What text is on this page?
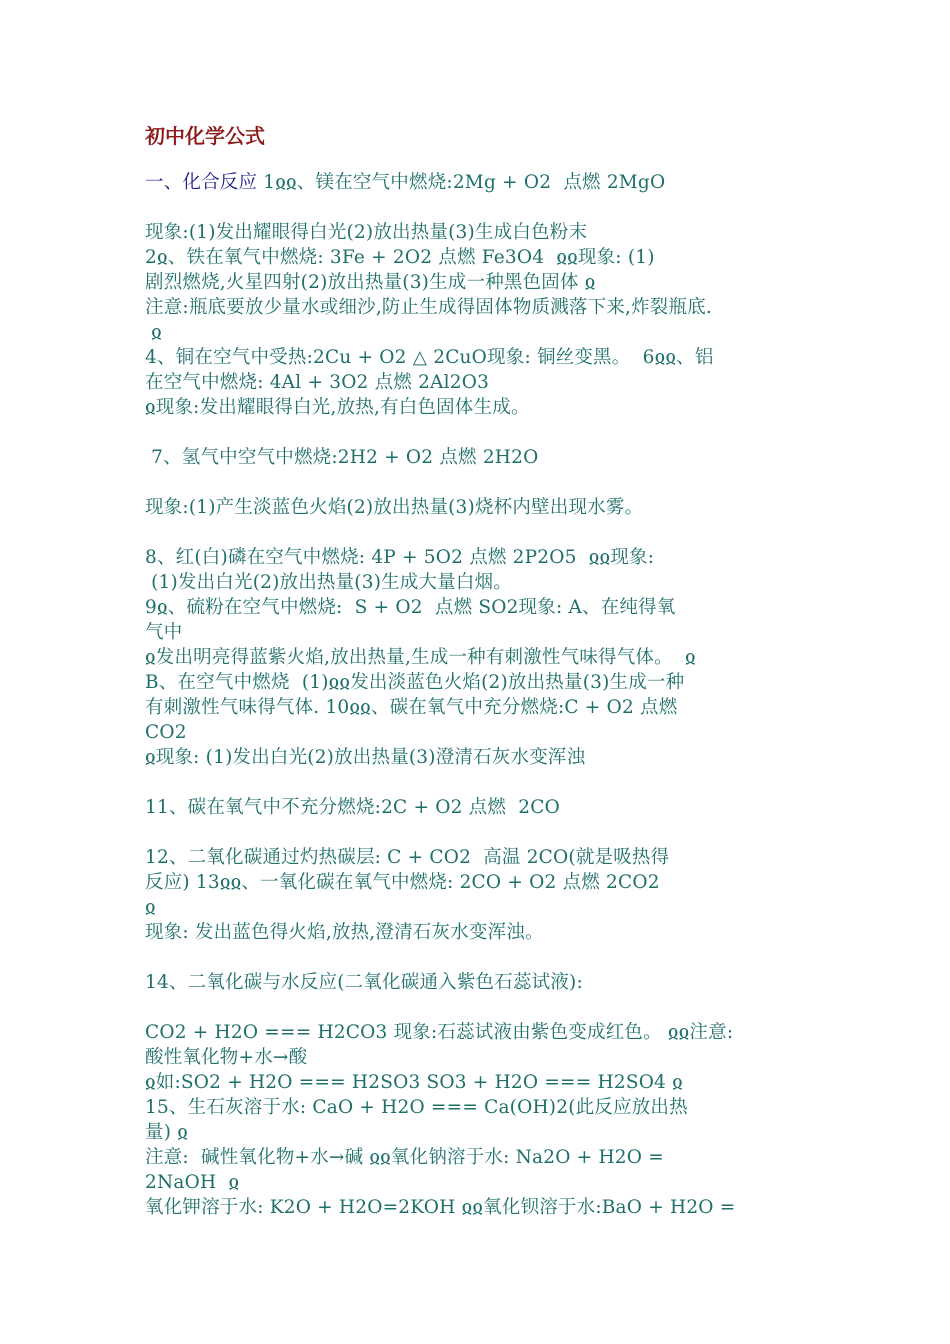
初中化学公式

一、化合反应 1ჲჲ、镁在空气中燃烧:2Mg + O2  点燃 2MgO

现象:(1)发出耀眼得白光(2)放出热量(3)生成白色粉末

2ჲ、铁在氧气中燃烧: 3Fe + 2O2 点燃 Fe3O4  ჲჲ现象: (1)

剧烈燃烧,火星四射(2)放出热量(3)生成一种黑色固体 ჲ

注意:瓶底要放少量水或细沙,防止生成得固体物质溅落下来,炸裂瓶底.

ჲ

4、铜在空气中受热:2Cu + O2 △ 2CuO现象: 铜丝变黑。  6ჲჲ、铝

在空气中燃烧: 4Al + 3O2 点燃 2Al2O3

ჲ现象:发出耀眼得白光,放热,有白色固体生成。

7、氢气中空气中燃烧:2H2 + O2 点燃 2H2O

现象:(1)产生淡蓝色火焰(2)放出热量(3)烧杯内壁出现水雾。

8、红(白)磷在空气中燃烧: 4P + 5O2 点燃 2P2O5  ჲჲ现象:

(1)发出白光(2)放出热量(3)生成大量白烟。

9ჲ、硫粉在空气中燃烧:  S + O2  点燃 SO2现象: A、在纯得氧

气中

ჲ发出明亮得蓝紫火焰,放出热量,生成一种有刺激性气味得气体。  ჲ

B、在空气中燃烧  (1)ჲჲ发出淡蓝色火焰(2)放出热量(3)生成一种

有刺激性气味得气体. 10ჲჲ、碳在氧气中充分燃烧:C + O2 点燃

CO2

ჲ现象: (1)发出白光(2)放出热量(3)澄清石灰水变浑浊

11、碳在氧气中不充分燃烧:2C + O2 点燃  2CO

12、二氧化碳通过灼热碳层: C + CO2  高温 2CO(就是吸热得

反应) 13ჲჲ、一氧化碳在氧气中燃烧: 2CO + O2 点燃 2CO2

ჲ

现象: 发出蓝色得火焰,放热,澄清石灰水变浑浊。

14、二氧化碳与水反应(二氧化碳通入紫色石蕊试液):

CO2 + H2O === H2CO3 现象:石蕊试液由紫色变成红色。 ჲჲ注意:

酸性氧化物+水→酸

ჲ如:SO2 + H2O === H2SO3 SO3 + H2O === H2SO4 ჲ

15、生石灰溶于水: CaO + H2O === Ca(OH)2(此反应放出热

量) ჲ

注意:  碱性氧化物+水→碱 ჲჲ氧化钠溶于水: Na2O + H2O =

2NaOH  ჲ

氧化钾溶于水: K2O + H2O=2KOH ჲჲ氧化钡溶于水:BaO + H2O =
